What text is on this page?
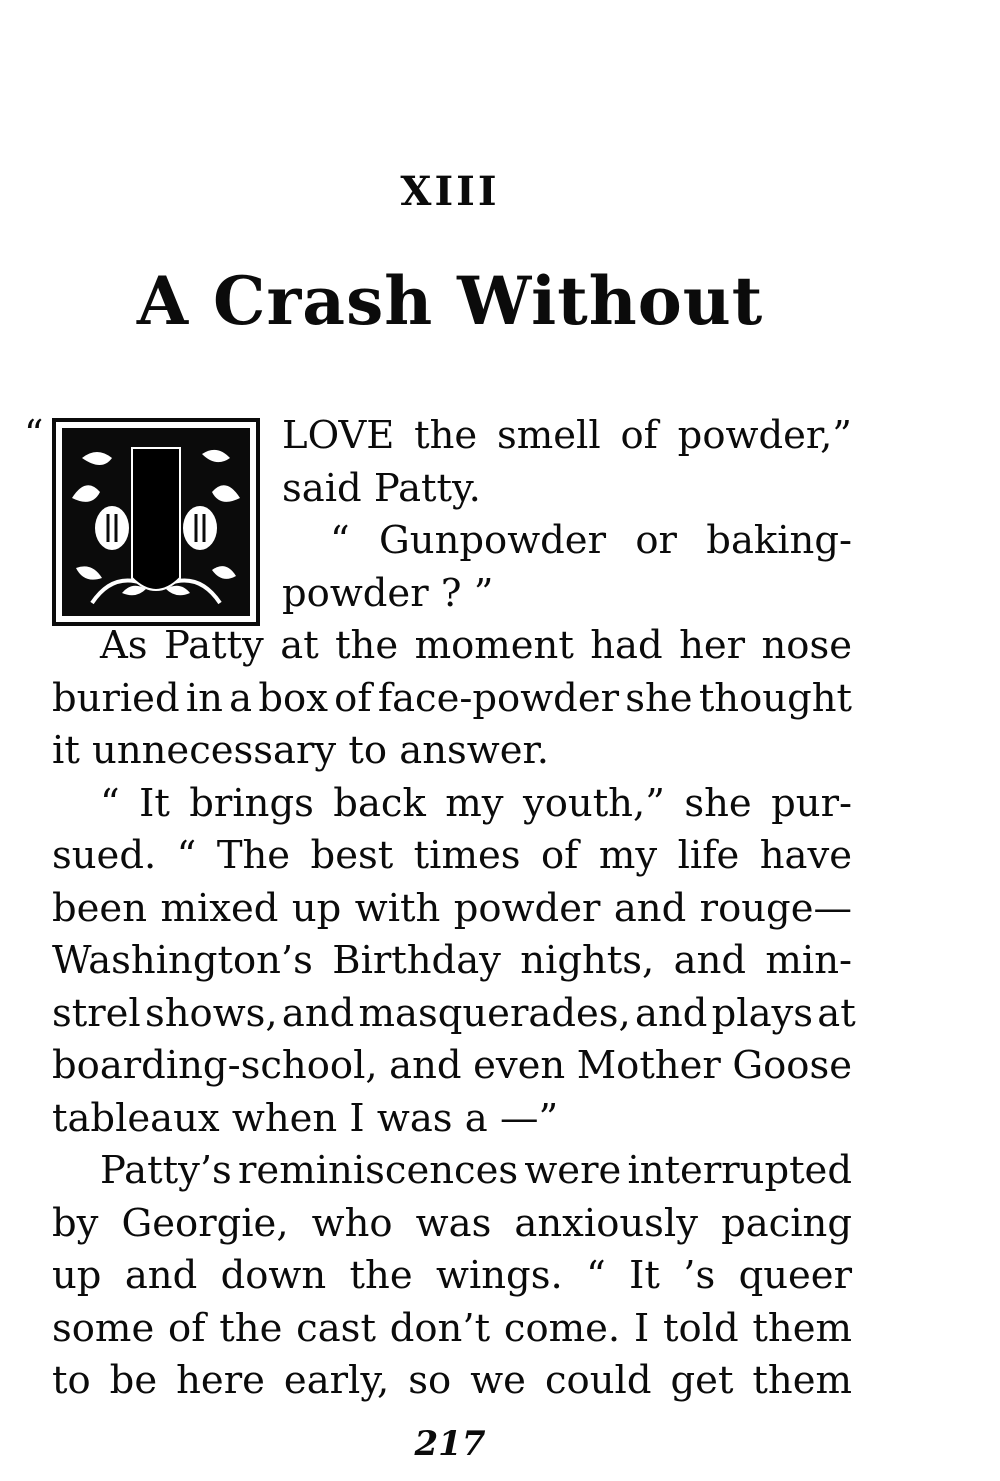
XIII
A Crash Without
“	LOVE the smell of powder,”
said Patty.
“ Gunpowder or baking-
powder ? ”
As Patty at the moment had her nose
buried in a box of face-powder she thought
it unnecessary to answer.
“ It brings back my youth,” she pur-
sued. “ The best times of my life have
been mixed up with powder and rouge—
Washington’s Birthday nights, and min-
strel shows, and masquerades, and plays at
boarding-school, and even Mother Goose
tableaux when I was a —”
Patty’s reminiscences were interrupted
by Georgie, who was anxiously pacing
up and down the wings. “ It ’s queer
some of the cast don’t come. I told them
to be here early, so we could get them
217
